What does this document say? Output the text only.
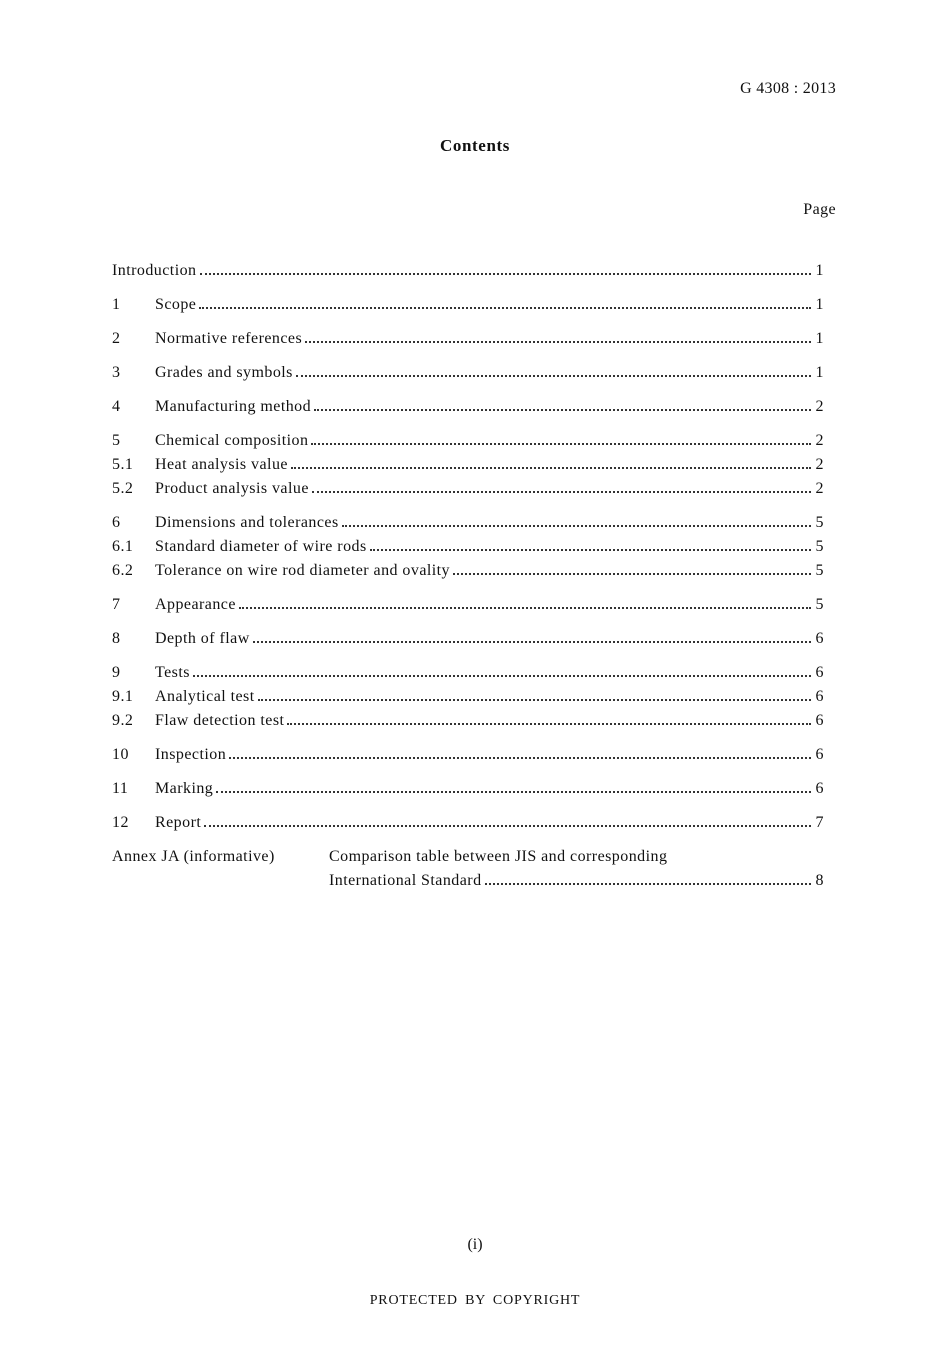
G 4308 : 2013
Contents
Page
Introduction	1
1	Scope	1
2	Normative references	1
3	Grades and symbols	1
4	Manufacturing method	2
5	Chemical composition	2
5.1	Heat analysis value	2
5.2	Product analysis value	2
6	Dimensions and tolerances	5
6.1	Standard diameter of wire rods	5
6.2	Tolerance on wire rod diameter and ovality	5
7	Appearance	5
8	Depth of flaw	6
9	Tests	6
9.1	Analytical test	6
9.2	Flaw detection test	6
10	Inspection	6
11	Marking	6
12	Report	7
Annex JA (informative)	Comparison table between JIS and corresponding
International Standard	8
(i)
PROTECTED BY COPYRIGHT
